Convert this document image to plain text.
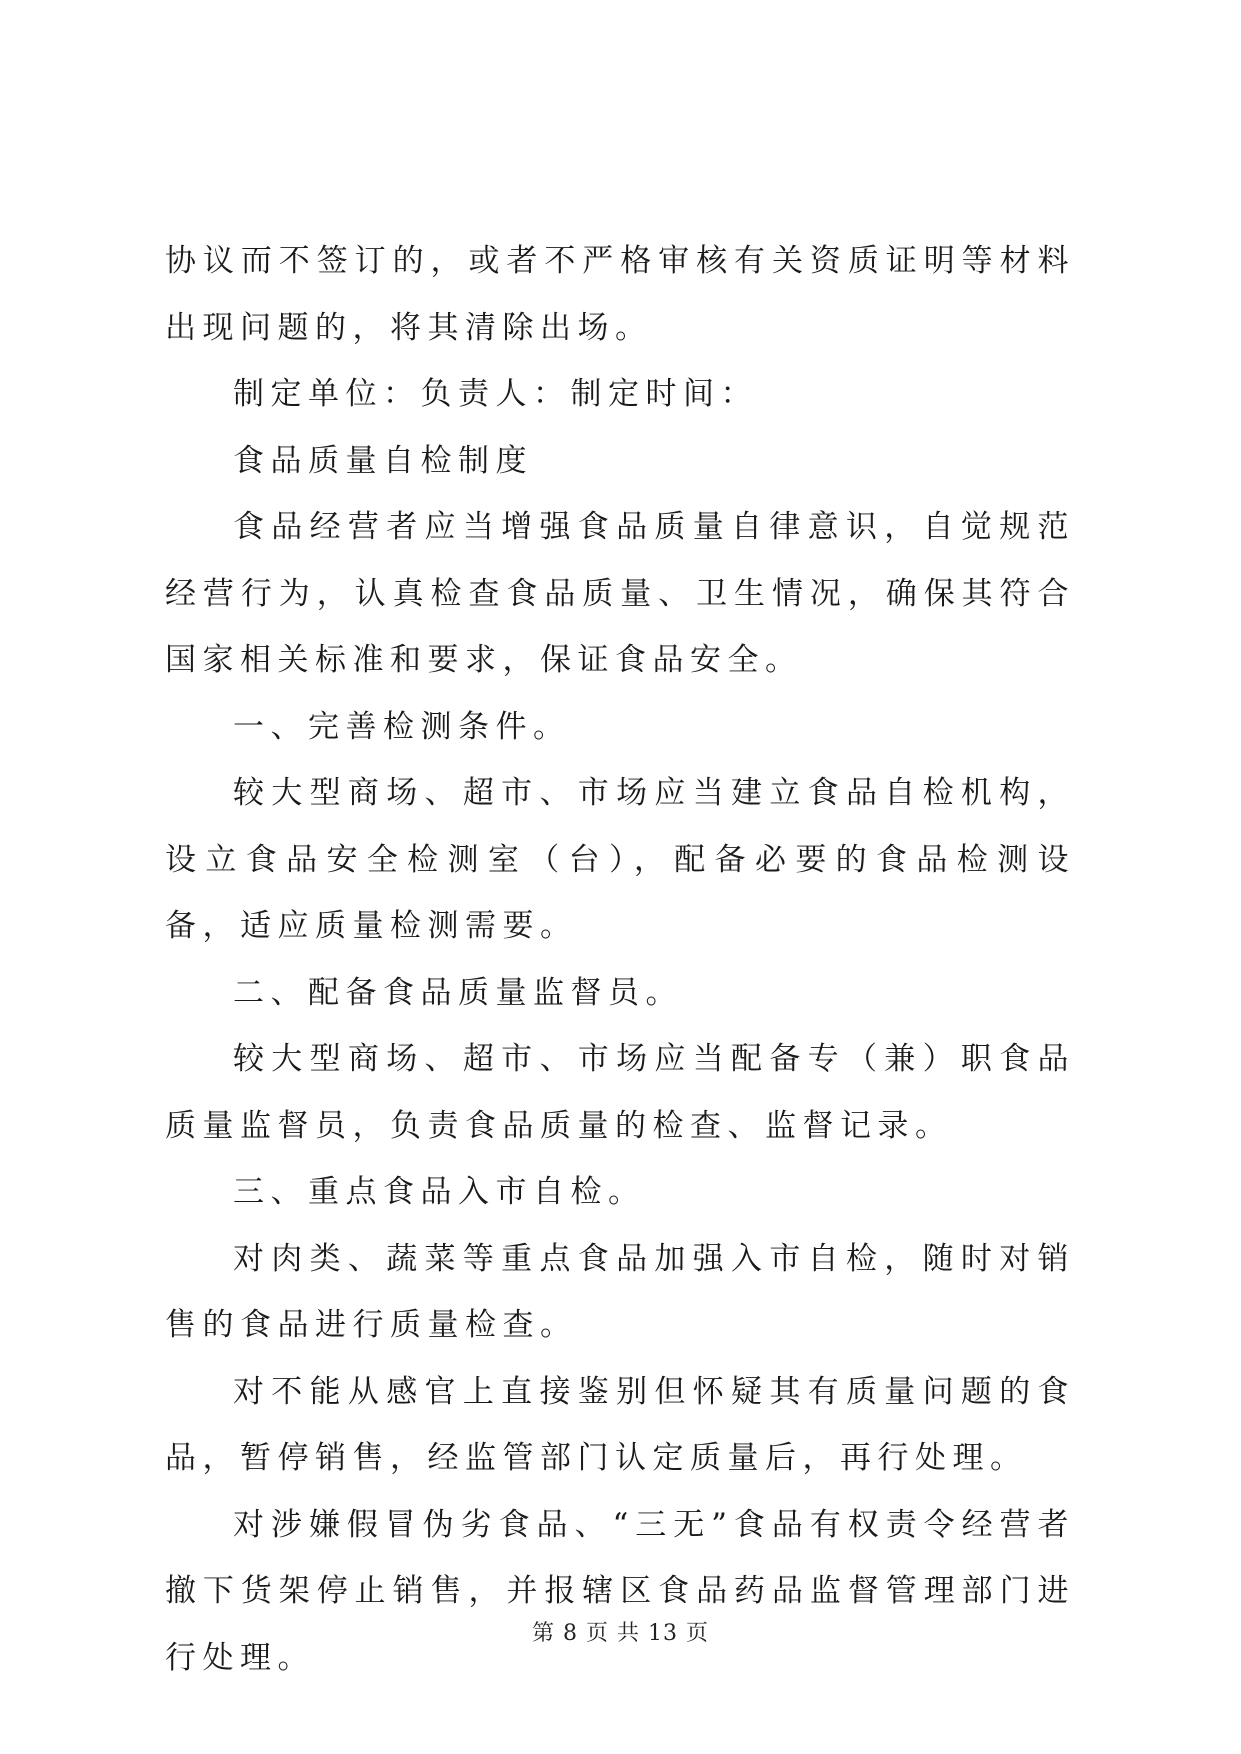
协议而不签订的，或者不严格审核有关资质证明等材料出现问题的，将其清除出场。

制定单位：负责人：制定时间：

食品质量自检制度

食品经营者应当增强食品质量自律意识，自觉规范经营行为，认真检查食品质量、卫生情况，确保其符合国家相关标准和要求，保证食品安全。

一、完善检测条件。

较大型商场、超市、市场应当建立食品自检机构，设立食品安全检测室（台），配备必要的食品检测设备，适应质量检测需要。

二、配备食品质量监督员。

较大型商场、超市、市场应当配备专（兼）职食品质量监督员，负责食品质量的检查、监督记录。

三、重点食品入市自检。

对肉类、蔬菜等重点食品加强入市自检，随时对销售的食品进行质量检查。

对不能从感官上直接鉴别但怀疑其有质量问题的食品，暂停销售，经监管部门认定质量后，再行处理。

对涉嫌假冒伪劣食品、“三无”食品有权责令经营者撤下货架停止销售，并报辖区食品药品监督管理部门进行处理。

第 8 页 共 13 页
